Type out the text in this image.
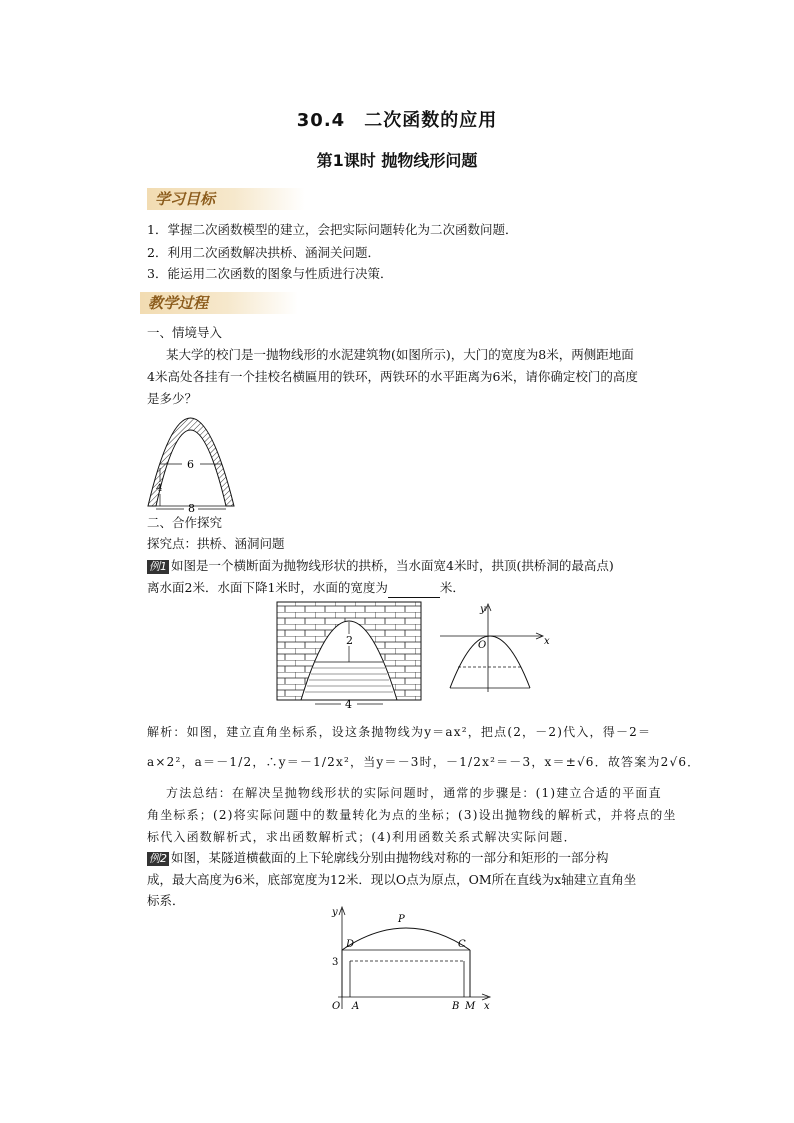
30.4　二次函数的应用
第1课时 抛物线形问题
学习目标
1．掌握二次函数模型的建立，会把实际问题转化为二次函数问题．
2．利用二次函数解决拱桥、涵洞关问题．
3．能运用二次函数的图象与性质进行决策．
教学过程
一、情境导入
某大学的校门是一抛物线形的水泥建筑物(如图所示)，大门的宽度为8米，两侧距地面
4米高处各挂有一个挂校名横匾用的铁环，两铁环的水平距离为6米，请你确定校门的高度
是多少？
6
4
8
二、合作探究
探究点：拱桥、涵洞问题
例1 如图是一个横断面为抛物线形状的拱桥，当水面宽4米时，拱顶(拱桥洞的最高点)
离水面2米．水面下降1米时，水面的宽度为	米．
2
4
y
x
O
解析：如图，建立直角坐标系，设这条抛物线为y＝ax²，把点(2，－2)代入，得－2＝
a×2²，a＝－1/2，∴y＝－1/2x²，当y＝－3时，－1/2x²＝－3，x＝±√6．故答案为2√6．
方法总结：在解决呈抛物线形状的实际问题时，通常的步骤是：(1)建立合适的平面直
角坐标系；(2)将实际问题中的数量转化为点的坐标；(3)设出抛物线的解析式，并将点的坐
标代入函数解析式，求出函数解析式；(4)利用函数关系式解决实际问题．
例2 如图，某隧道横截面的上下轮廓线分别由抛物线对称的一部分和矩形的一部分构
成，最大高度为6米，底部宽度为12米．现以O点为原点，OM所在直线为x轴建立直角坐
标系．
y
x
P
D	C
3
O A	B M
